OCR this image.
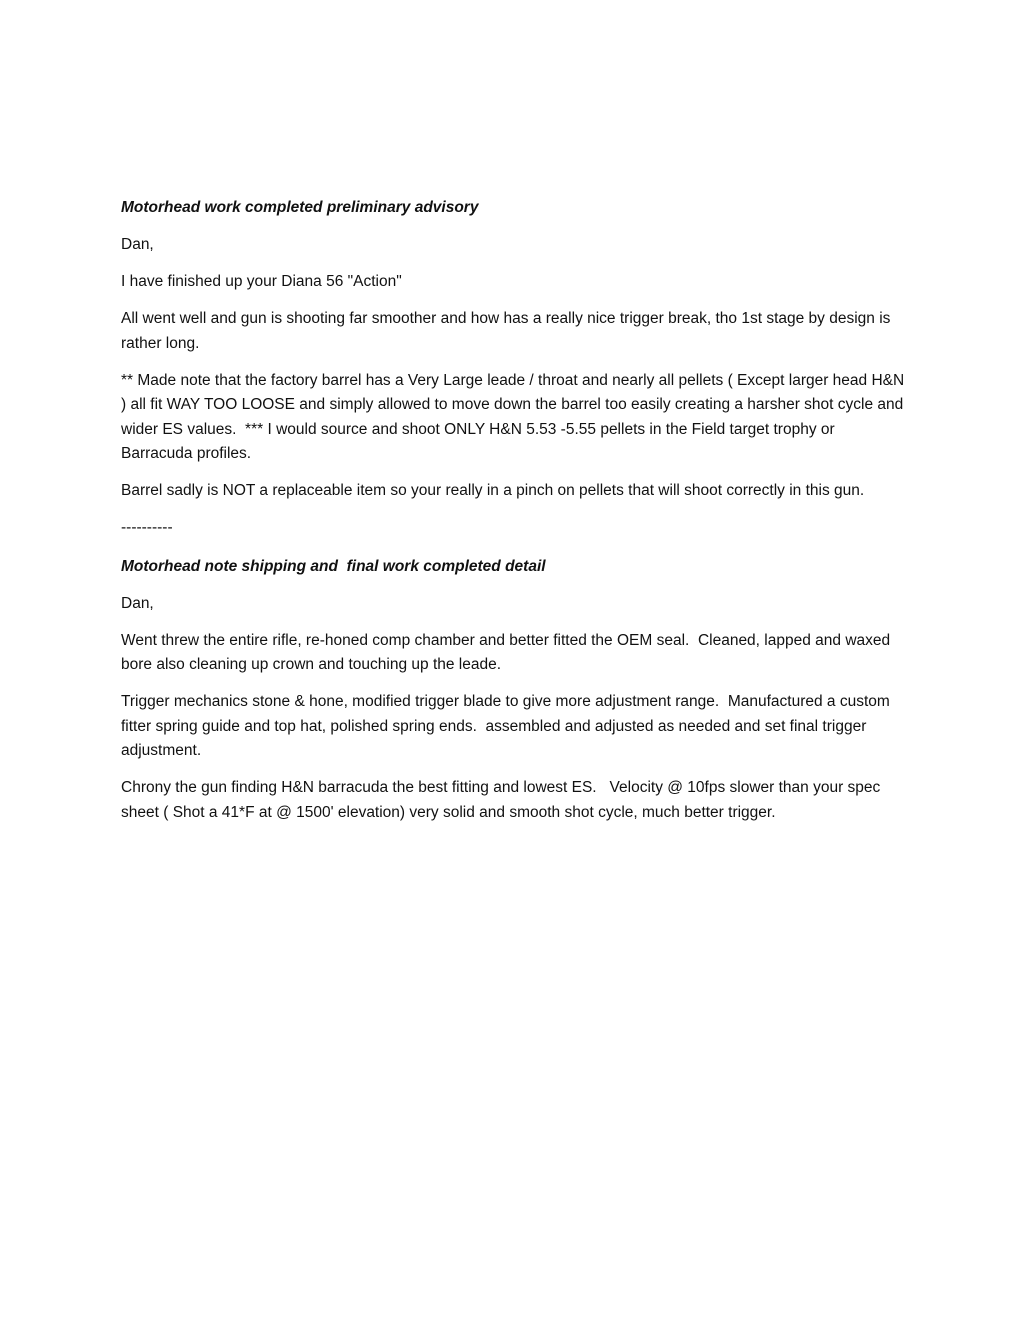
Motorhead work completed preliminary advisory

Dan,

I have finished up your Diana 56 "Action"

All went well and gun is shooting far smoother and how has a really nice trigger break, tho 1st stage by design is rather long.

** Made note that the factory barrel has a Very Large leade / throat and nearly all pellets ( Except larger head H&N ) all fit WAY TOO LOOSE and simply allowed to move down the barrel too easily creating a harsher shot cycle and wider ES values.  *** I would source and shoot ONLY H&N 5.53 -5.55 pellets in the Field target trophy or Barracuda profiles.

Barrel sadly is NOT a replaceable item so your really in a pinch on pellets that will shoot correctly in this gun.

----------

Motorhead note shipping and  final work completed detail

Dan,

Went threw the entire rifle, re-honed comp chamber and better fitted the OEM seal.  Cleaned, lapped and waxed bore also cleaning up crown and touching up the leade.

Trigger mechanics stone & hone, modified trigger blade to give more adjustment range.  Manufactured a custom fitter spring guide and top hat, polished spring ends.  assembled and adjusted as needed and set final trigger adjustment.

Chrony the gun finding H&N barracuda the best fitting and lowest ES.   Velocity @ 10fps slower than your spec sheet ( Shot a 41*F at @ 1500' elevation) very solid and smooth shot cycle, much better trigger.
